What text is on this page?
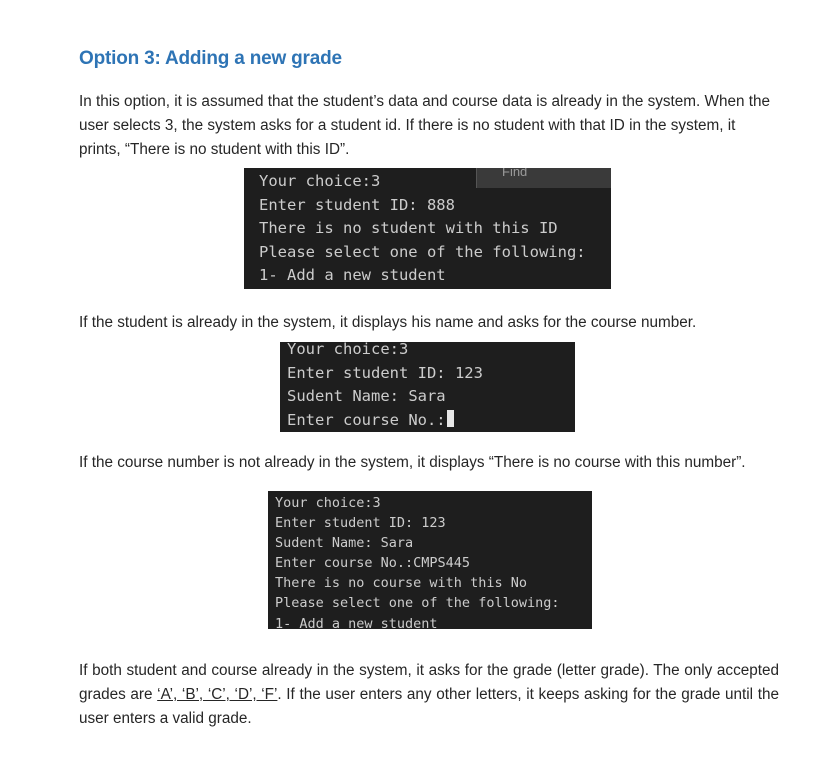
Option 3: Adding a new grade

In this option, it is assumed that the student’s data and course data is already in the system. When the user selects 3, the system asks for a student id. If there is no student with that ID in the system, it prints, “There is no student with this ID”.

Find
Your choice:3
Enter student ID: 888
There is no student with this ID
Please select one of the following:
1- Add a new student

If the student is already in the system, it displays his name and asks for the course number.

Your choice:3
Enter student ID: 123
Sudent Name: Sara
Enter course No.:

If the course number is not already in the system, it displays “There is no course with this number”.

Your choice:3
Enter student ID: 123
Sudent Name: Sara
Enter course No.:CMPS445
There is no course with this No
Please select one of the following:
1- Add a new student

If both student and course already in the system, it asks for the grade (letter grade). The only accepted grades are ‘A’, ‘B’, ‘C’, ‘D’, ‘F’. If the user enters any other letters, it keeps asking for the grade until the user enters a valid grade.
